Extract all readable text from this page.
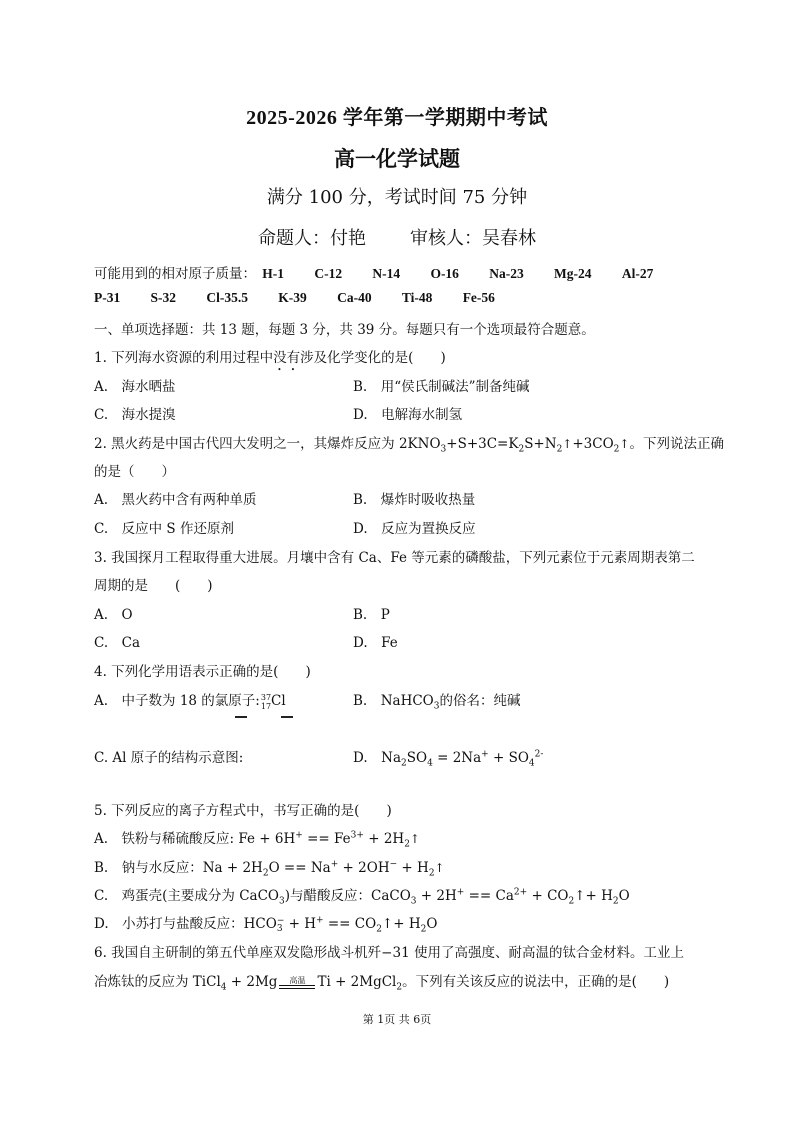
2025-2026 学年第一学期期中考试
高一化学试题
满分 100 分，考试时间 75 分钟
命题人：付艳 审核人：吴春林
可能用到的相对原子质量： H-1 C-12 N-14 O-16 Na-23 Mg-24 Al-27
P-31 S-32 Cl-35.5 K-39 Ca-40 Ti-48 Fe-56
一、单项选择题：共 13 题，每题 3 分，共 39 分。每题只有一个选项最符合题意。
1. 下列海水资源的利用过程中没有涉及化学变化的是(　　)
A.　海水晒盐	B.　用“侯氏制碱法”制备纯碱
C.　海水提溴	D.　电解海水制氢
2. 黑火药是中国古代四大发明之一，其爆炸反应为 $2KNO_3+S+3C=K_2S+N_2↑+3CO_2↑$。下列说法正确
的是（　　）
A.　黑火药中含有两种单质	B.　爆炸时吸收热量
C.　反应中 S 作还原剂	D.　反应为置换反应
3. 我国探月工程取得重大进展。月壤中含有 Ca、Fe 等元素的磷酸盐，下列元素位于元素周期表第二
周期的是　　(　　)
A.　O	B.　P
C.　Ca	D.　Fe
4. 下列化学用语表示正确的是(　　)
A.　中子数为 18 的氯原子: 37
17 Cl	B.　NaHCO$_3$的俗名：纯碱
C. Al 原子的结构示意图:	D.　$Na_2SO_4 = 2Na^+ + SO_4^{2-}$
5. 下列反应的离子方程式中，书写正确的是(　　)
A.　铁粉与稀硫酸反应: $Fe + 6H^+ == Fe^{3+}$ + $2H_2↑$
B.　钠与水反应：$Na + 2H_2O == Na^+ + 2OH^-$ + $H_2↑$
C.　鸡蛋壳(主要成分为 CaCO$_3$)与醋酸反应：CaCO$_3$ + $2H^+ == Ca^{2+}$ + $CO_2↑+ H_2O$
D.　小苏打与盐酸反应：HCO −
$3 + H^+ == CO_2↑+ H_2O$
6. 我国自主研制的第五代单座双发隐形战斗机歼−31 使用了高强度、耐高温的钛合金材料。工业上
冶炼钛的反应为 TiCl$_4$ + 2Mg	高温 Ti + 2MgCl$_2$。下列有关该反应的说法中，正确的是(　　)
第 1页 共 6页
